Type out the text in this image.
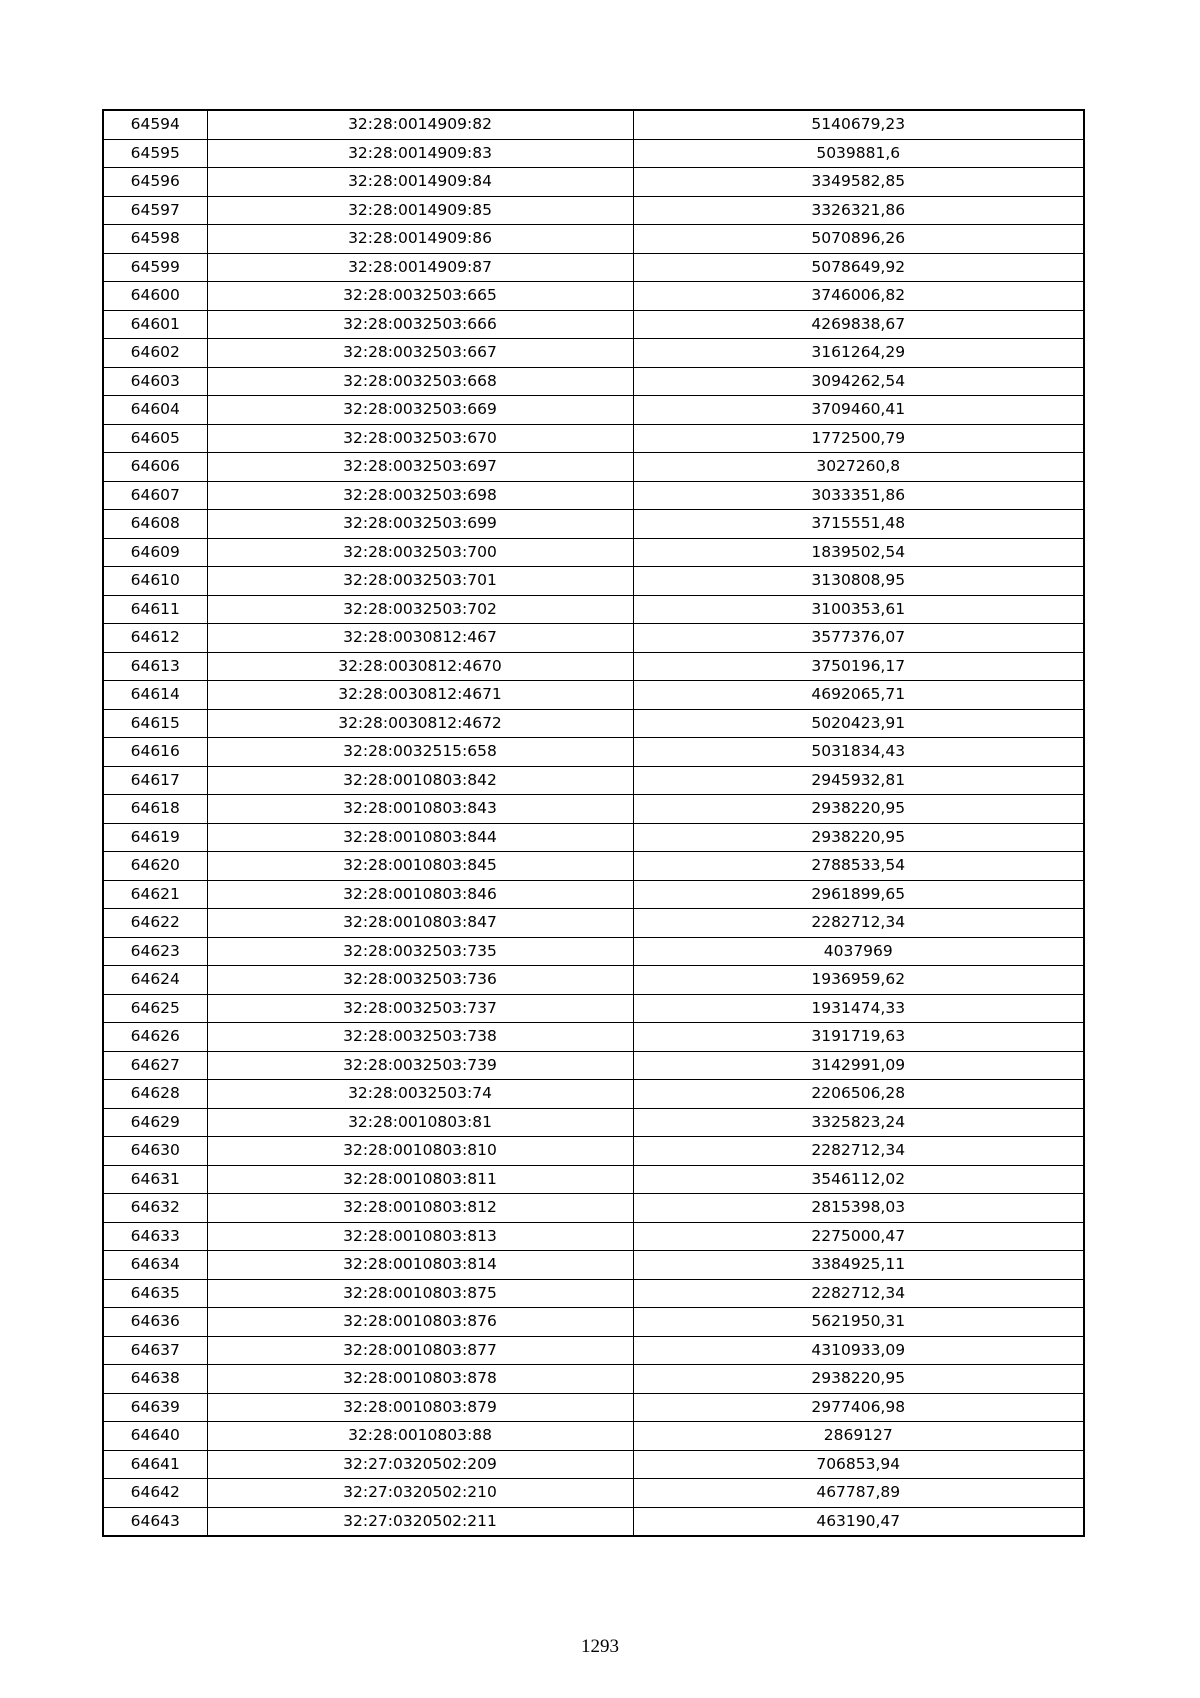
64594	32:28:0014909:82	5140679,23
64595	32:28:0014909:83	5039881,6
64596	32:28:0014909:84	3349582,85
64597	32:28:0014909:85	3326321,86
64598	32:28:0014909:86	5070896,26
64599	32:28:0014909:87	5078649,92
64600	32:28:0032503:665	3746006,82
64601	32:28:0032503:666	4269838,67
64602	32:28:0032503:667	3161264,29
64603	32:28:0032503:668	3094262,54
64604	32:28:0032503:669	3709460,41
64605	32:28:0032503:670	1772500,79
64606	32:28:0032503:697	3027260,8
64607	32:28:0032503:698	3033351,86
64608	32:28:0032503:699	3715551,48
64609	32:28:0032503:700	1839502,54
64610	32:28:0032503:701	3130808,95
64611	32:28:0032503:702	3100353,61
64612	32:28:0030812:467	3577376,07
64613	32:28:0030812:4670	3750196,17
64614	32:28:0030812:4671	4692065,71
64615	32:28:0030812:4672	5020423,91
64616	32:28:0032515:658	5031834,43
64617	32:28:0010803:842	2945932,81
64618	32:28:0010803:843	2938220,95
64619	32:28:0010803:844	2938220,95
64620	32:28:0010803:845	2788533,54
64621	32:28:0010803:846	2961899,65
64622	32:28:0010803:847	2282712,34
64623	32:28:0032503:735	4037969
64624	32:28:0032503:736	1936959,62
64625	32:28:0032503:737	1931474,33
64626	32:28:0032503:738	3191719,63
64627	32:28:0032503:739	3142991,09
64628	32:28:0032503:74	2206506,28
64629	32:28:0010803:81	3325823,24
64630	32:28:0010803:810	2282712,34
64631	32:28:0010803:811	3546112,02
64632	32:28:0010803:812	2815398,03
64633	32:28:0010803:813	2275000,47
64634	32:28:0010803:814	3384925,11
64635	32:28:0010803:875	2282712,34
64636	32:28:0010803:876	5621950,31
64637	32:28:0010803:877	4310933,09
64638	32:28:0010803:878	2938220,95
64639	32:28:0010803:879	2977406,98
64640	32:28:0010803:88	2869127
64641	32:27:0320502:209	706853,94
64642	32:27:0320502:210	467787,89
64643	32:27:0320502:211	463190,47
1293
